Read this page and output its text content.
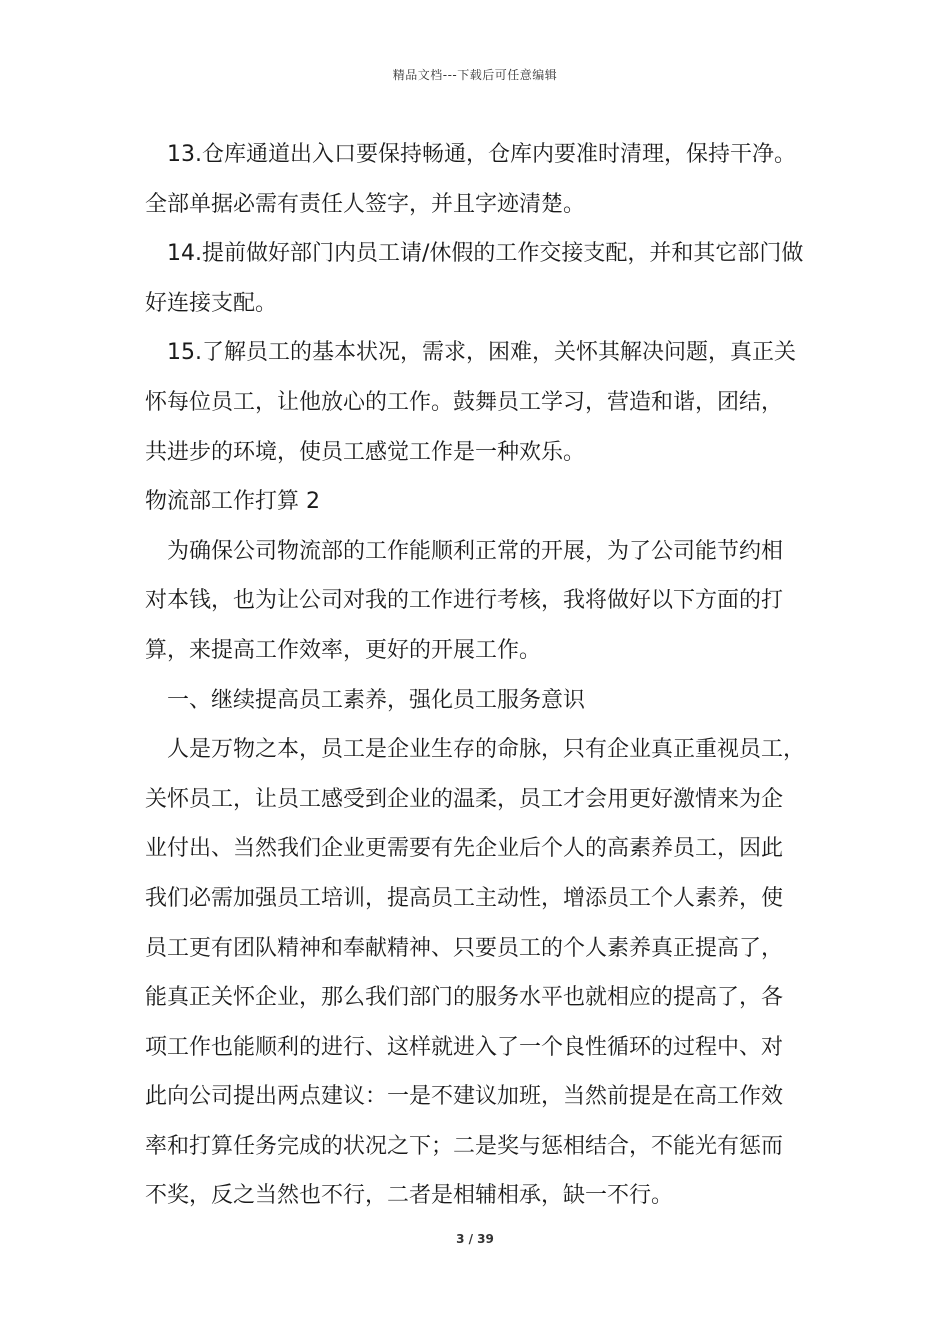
精品文档---下载后可任意编辑
13.仓库通道出入口要保持畅通，仓库内要准时清理，保持干净。
全部单据必需有责任人签字，并且字迹清楚。
14.提前做好部门内员工请/休假的工作交接支配，并和其它部门做
好连接支配。
15.了解员工的基本状况，需求，困难，关怀其解决问题，真正关
怀每位员工，让他放心的工作。鼓舞员工学习，营造和谐，团结，
共进步的环境，使员工感觉工作是一种欢乐。
物流部工作打算 2
为确保公司物流部的工作能顺利正常的开展，为了公司能节约相
对本钱，也为让公司对我的工作进行考核，我将做好以下方面的打
算，来提高工作效率，更好的开展工作。
一、继续提高员工素养，强化员工服务意识
人是万物之本，员工是企业生存的命脉，只有企业真正重视员工，
关怀员工，让员工感受到企业的温柔，员工才会用更好激情来为企
业付出、当然我们企业更需要有先企业后个人的高素养员工，因此
我们必需加强员工培训，提高员工主动性，增添员工个人素养，使
员工更有团队精神和奉献精神、只要员工的个人素养真正提高了，
能真正关怀企业，那么我们部门的服务水平也就相应的提高了，各
项工作也能顺利的进行、这样就进入了一个良性循环的过程中、对
此向公司提出两点建议：一是不建议加班，当然前提是在高工作效
率和打算任务完成的状况之下；二是奖与惩相结合，不能光有惩而
不奖，反之当然也不行，二者是相辅相承，缺一不行。
3 / 39
